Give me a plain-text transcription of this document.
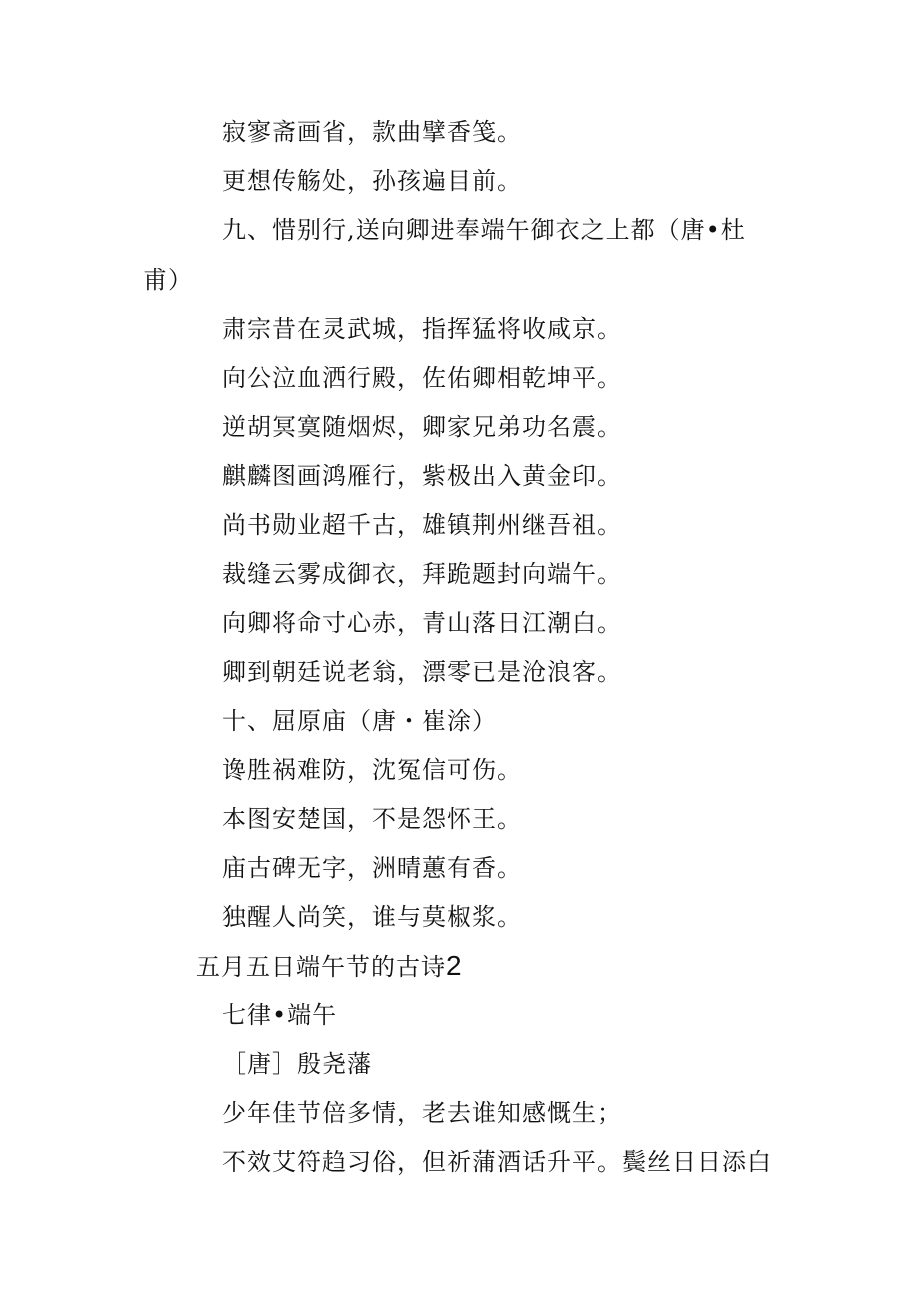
寂寥斋画省，款曲擘香笺。
更想传觞处，孙孩遍目前。
九、惜别行,送向卿进奉端午御衣之上都（唐•杜
甫）
肃宗昔在灵武城，指挥猛将收咸京。
向公泣血洒行殿，佐佑卿相乾坤平。
逆胡冥寞随烟烬，卿家兄弟功名震。
麒麟图画鸿雁行，紫极出入黄金印。
尚书勋业超千古，雄镇荆州继吾祖。
裁缝云雾成御衣，拜跪题封向端午。
向卿将命寸心赤，青山落日江潮白。
卿到朝廷说老翁，漂零已是沧浪客。
十、屈原庙（唐・崔涂）
谗胜祸难防，沈冤信可伤。
本图安楚国，不是怨怀王。
庙古碑无字，洲晴蕙有香。
独醒人尚笑，谁与莫椒浆。
五月五日端午节的古诗2
七律•端午
［唐］殷尧藩
少年佳节倍多情，老去谁知感慨生；
不效艾符趋习俗，但祈蒲酒话升平。鬓丝日日添白
